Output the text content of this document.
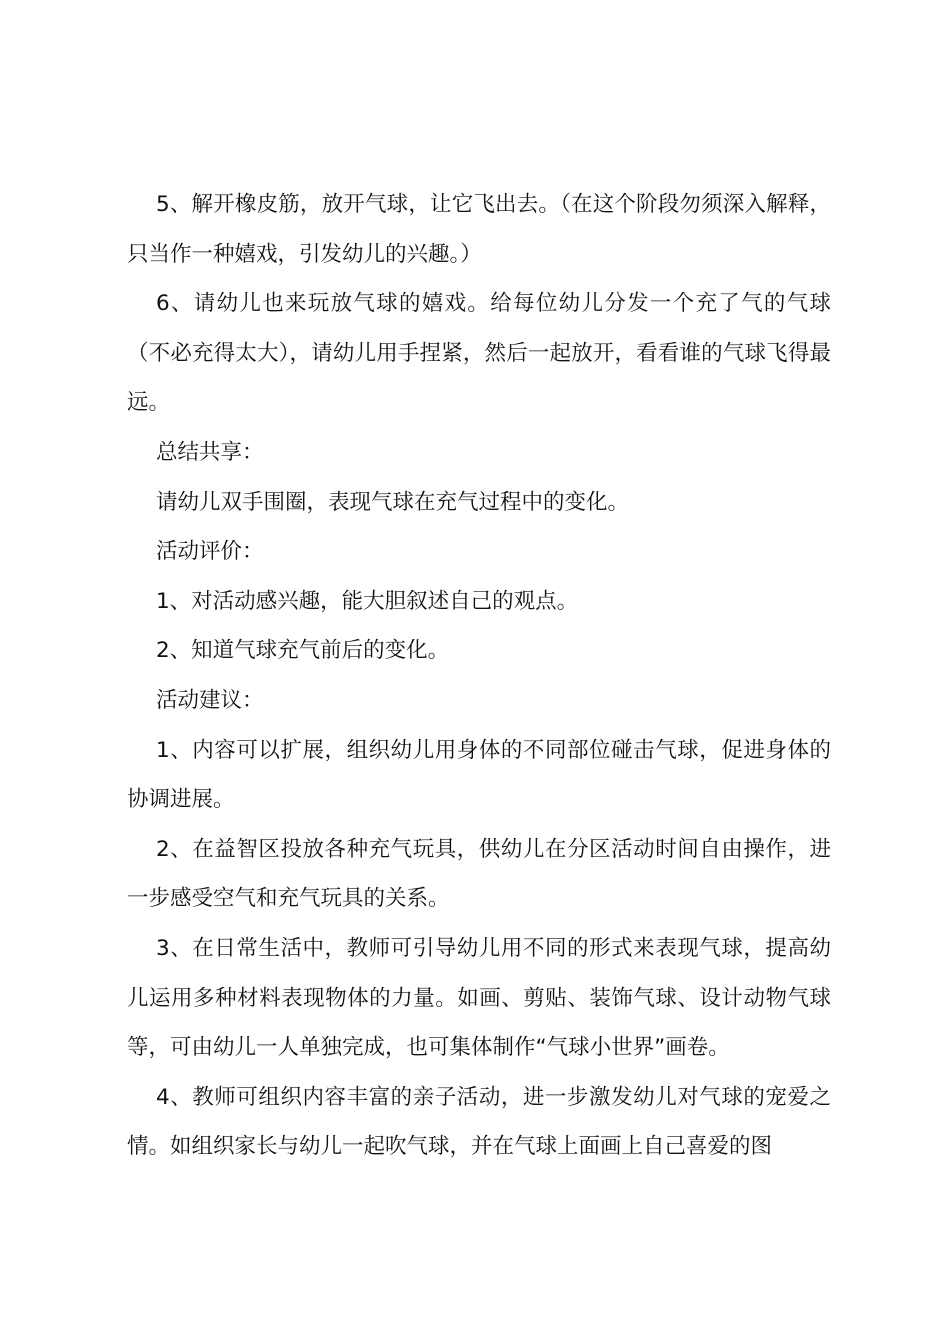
5、解开橡皮筋，放开气球，让它飞出去。（在这个阶段勿须深入解释，只当作一种嬉戏，引发幼儿的兴趣。）

6、请幼儿也来玩放气球的嬉戏。给每位幼儿分发一个充了气的气球（不必充得太大），请幼儿用手捏紧，然后一起放开，看看谁的气球飞得最远。

总结共享：

请幼儿双手围圈，表现气球在充气过程中的变化。

活动评价：

1、对活动感兴趣，能大胆叙述自己的观点。

2、知道气球充气前后的变化。

活动建议：

1、内容可以扩展，组织幼儿用身体的不同部位碰击气球，促进身体的协调进展。

2、在益智区投放各种充气玩具，供幼儿在分区活动时间自由操作，进一步感受空气和充气玩具的关系。

3、在日常生活中，教师可引导幼儿用不同的形式来表现气球，提高幼儿运用多种材料表现物体的力量。如画、剪贴、装饰气球、设计动物气球等，可由幼儿一人单独完成，也可集体制作“气球小世界”画卷。

4、教师可组织内容丰富的亲子活动，进一步激发幼儿对气球的宠爱之情。如组织家长与幼儿一起吹气球，并在气球上面画上自己喜爱的图
